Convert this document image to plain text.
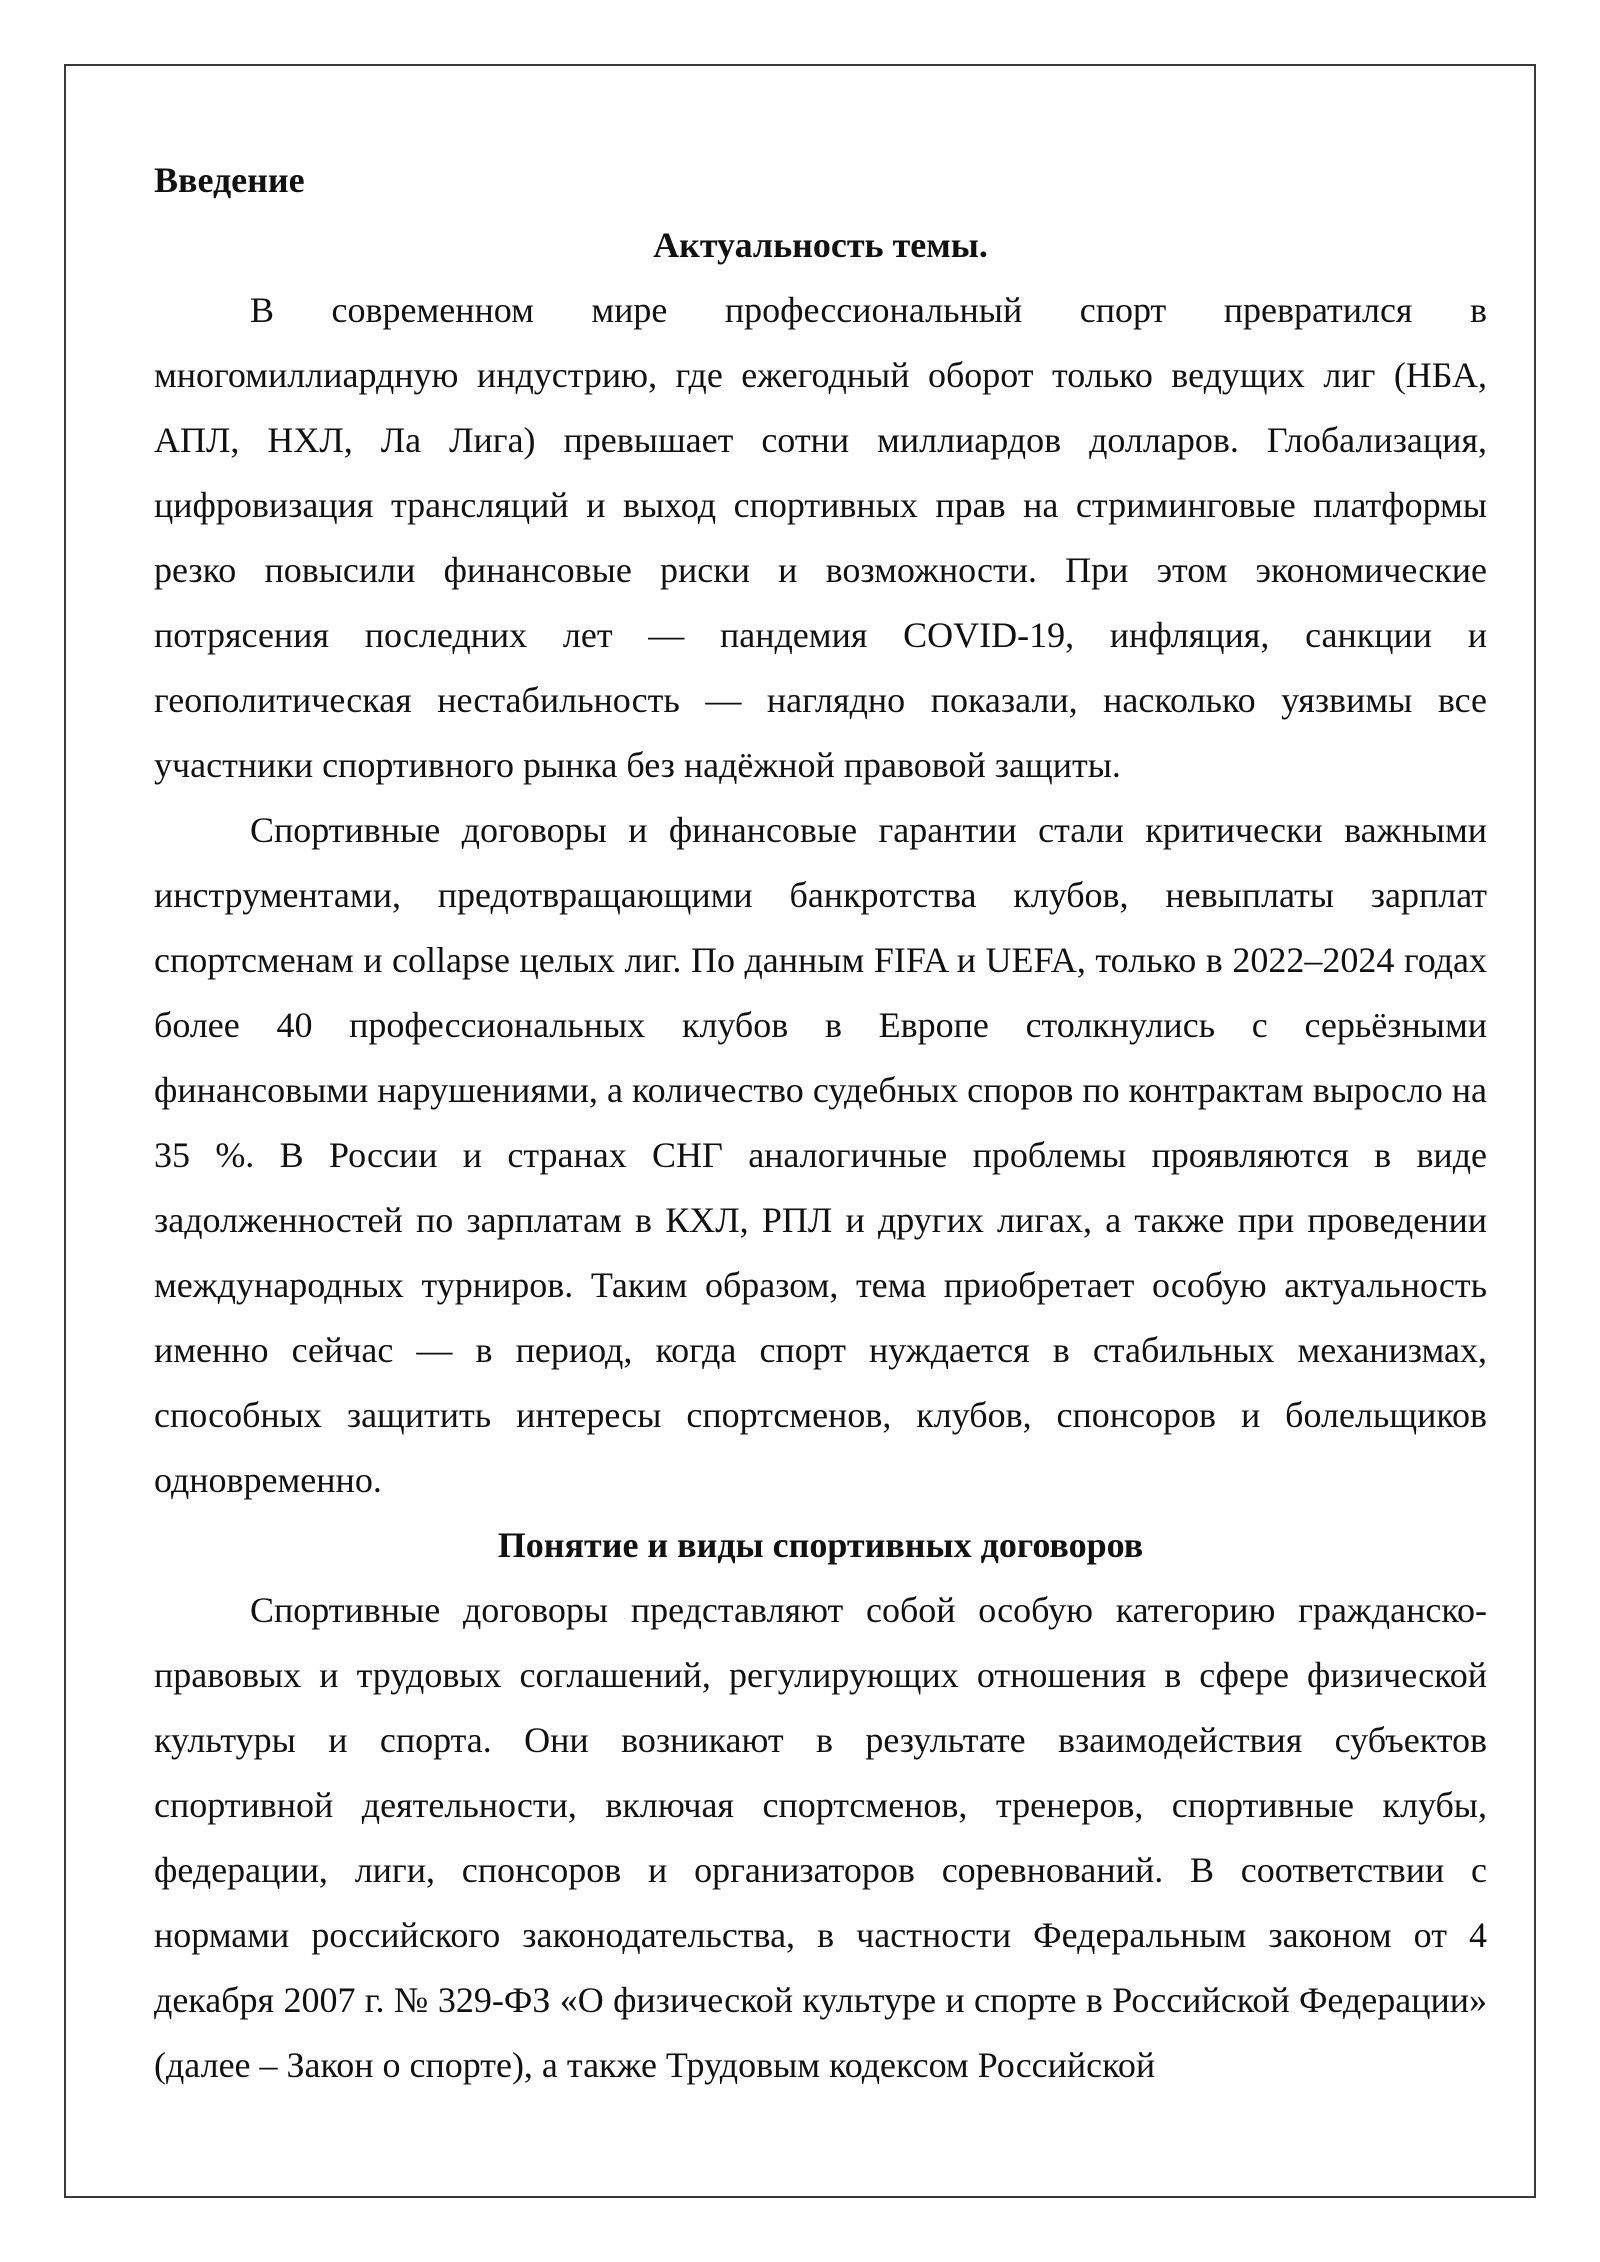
Введение

Актуальность темы.

В современном мире профессиональный спорт превратился в многомиллиардную индустрию, где ежегодный оборот только ведущих лиг (НБА, АПЛ, НХЛ, Ла Лига) превышает сотни миллиардов долларов. Глобализация, цифровизация трансляций и выход спортивных прав на стриминговые платформы резко повысили финансовые риски и возможности. При этом экономические потрясения последних лет — пандемия COVID-19, инфляция, санкции и геополитическая нестабильность — наглядно показали, насколько уязвимы все участники спортивного рынка без надёжной правовой защиты.

Спортивные договоры и финансовые гарантии стали критически важными инструментами, предотвращающими банкротства клубов, невыплаты зарплат спортсменам и collapse целых лиг. По данным FIFA и UEFA, только в 2022–2024 годах более 40 профессиональных клубов в Европе столкнулись с серьёзными финансовыми нарушениями, а количество судебных споров по контрактам выросло на 35 %. В России и странах СНГ аналогичные проблемы проявляются в виде задолженностей по зарплатам в КХЛ, РПЛ и других лигах, а также при проведении международных турниров. Таким образом, тема приобретает особую актуальность именно сейчас — в период, когда спорт нуждается в стабильных механизмах, способных защитить интересы спортсменов, клубов, спонсоров и болельщиков одновременно.

Понятие и виды спортивных договоров

Спортивные договоры представляют собой особую категорию гражданско-правовых и трудовых соглашений, регулирующих отношения в сфере физической культуры и спорта. Они возникают в результате взаимодействия субъектов спортивной деятельности, включая спортсменов, тренеров, спортивные клубы, федерации, лиги, спонсоров и организаторов соревнований. В соответствии с нормами российского законодательства, в частности Федеральным законом от 4 декабря 2007 г. № 329-ФЗ «О физической культуре и спорте в Российской Федерации» (далее – Закон о спорте), а также Трудовым кодексом Российской
